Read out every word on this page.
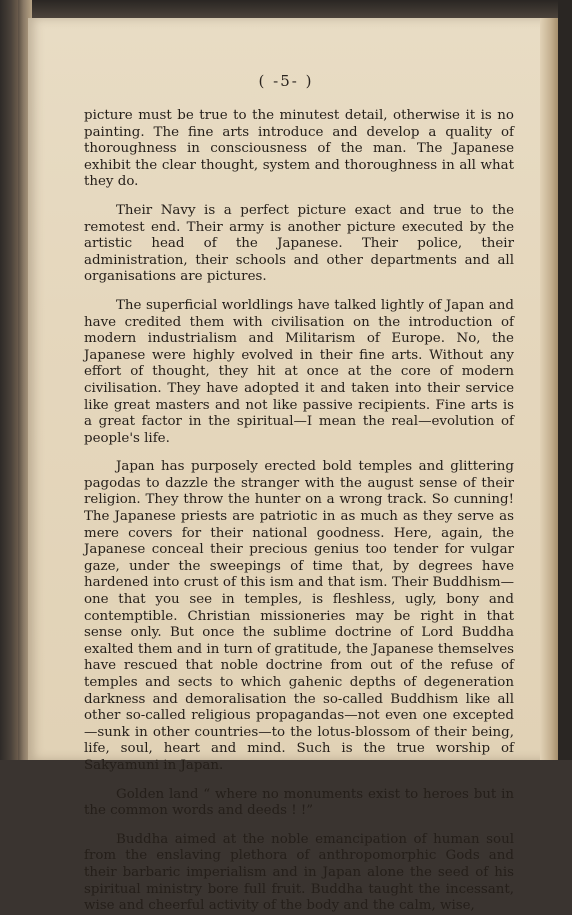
( -5- )

picture must be true to the minutest detail, otherwise it is no painting. The fine arts introduce and develop a quality of thoroughness in consciousness of the man. The Japanese exhibit the clear thought, system and thoroughness in all what they do.

Their Navy is a perfect picture exact and true to the remotest end. Their army is another picture executed by the artistic head of the Japanese. Their police, their administration, their schools and other departments and all organisations are pictures.

The superficial worldlings have talked lightly of Japan and have credited them with civilisation on the introduction of modern industrialism and Militarism of Europe. No, the Japanese were highly evolved in their fine arts. Without any effort of thought, they hit at once at the core of modern civilisation. They have adopted it and taken into their service like great masters and not like passive recipients. Fine arts is a great factor in the spiritual—I mean the real—evolution of people's life.

Japan has purposely erected bold temples and glittering pagodas to dazzle the stranger with the august sense of their religion. They throw the hunter on a wrong track. So cunning! The Japanese priests are patriotic in as much as they serve as mere covers for their national goodness. Here, again, the Japanese conceal their precious genius too tender for vulgar gaze, under the sweepings of time that, by degrees have hardened into crust of this ism and that ism. Their Buddhism—one that you see in temples, is fleshless, ugly, bony and contemptible. Christian missioneries may be right in that sense only. But once the sublime doctrine of Lord Buddha exalted them and in turn of gratitude, the Japanese themselves have rescued that noble doctrine from out of the refuse of temples and sects to which gahenic depths of degeneration darkness and demoralisation the so-called Buddhism like all other so-called religious propagandas—not even one excepted—sunk in other countries—to the lotus-blossom of their being, life, soul, heart and mind. Such is the true worship of Sakyamuni in Japan.

Golden land “ where no monuments exist to heroes but in the common words and deeds ! !”

Buddha aimed at the noble emancipation of human soul from the enslaving plethora of anthropomorphic Gods and their barbaric imperialism and in Japan alone the seed of his spiritual ministry bore full fruit. Buddha taught the incessant, wise and cheerful activity of the body and the calm, wise,
